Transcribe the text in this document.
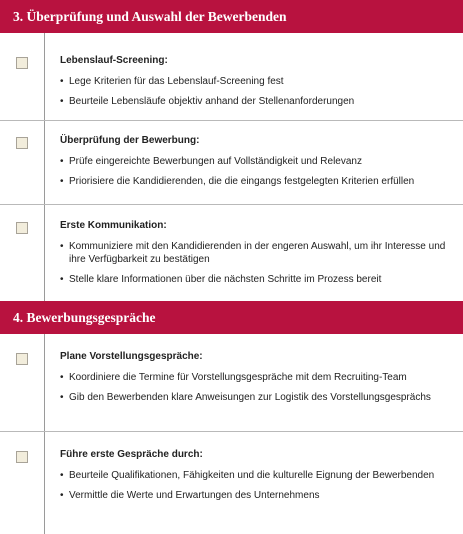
3. Überprüfung und Auswahl der Bewerbenden
Lebenslauf-Screening:
• Lege Kriterien für das Lebenslauf-Screening fest
• Beurteile Lebensläufe objektiv anhand der Stellenanforderungen
Überprüfung der Bewerbung:
• Prüfe eingereichte Bewerbungen auf Vollständigkeit und Relevanz
• Priorisiere die Kandidierenden, die die eingangs festgelegten Kriterien erfüllen
Erste Kommunikation:
• Kommuniziere mit den Kandidierenden in der engeren Auswahl, um ihr Interesse und ihre Verfügbarkeit zu bestätigen
• Stelle klare Informationen über die nächsten Schritte im Prozess bereit
4. Bewerbungsgespräche
Plane Vorstellungsgespräche:
• Koordiniere die Termine für Vorstellungsgespräche mit dem Recruiting-Team
• Gib den Bewerbenden klare Anweisungen zur Logistik des Vorstellungsgesprächs
Führe erste Gespräche durch:
• Beurteile Qualifikationen, Fähigkeiten und die kulturelle Eignung der Bewerbenden
• Vermittle die Werte und Erwartungen des Unternehmens
